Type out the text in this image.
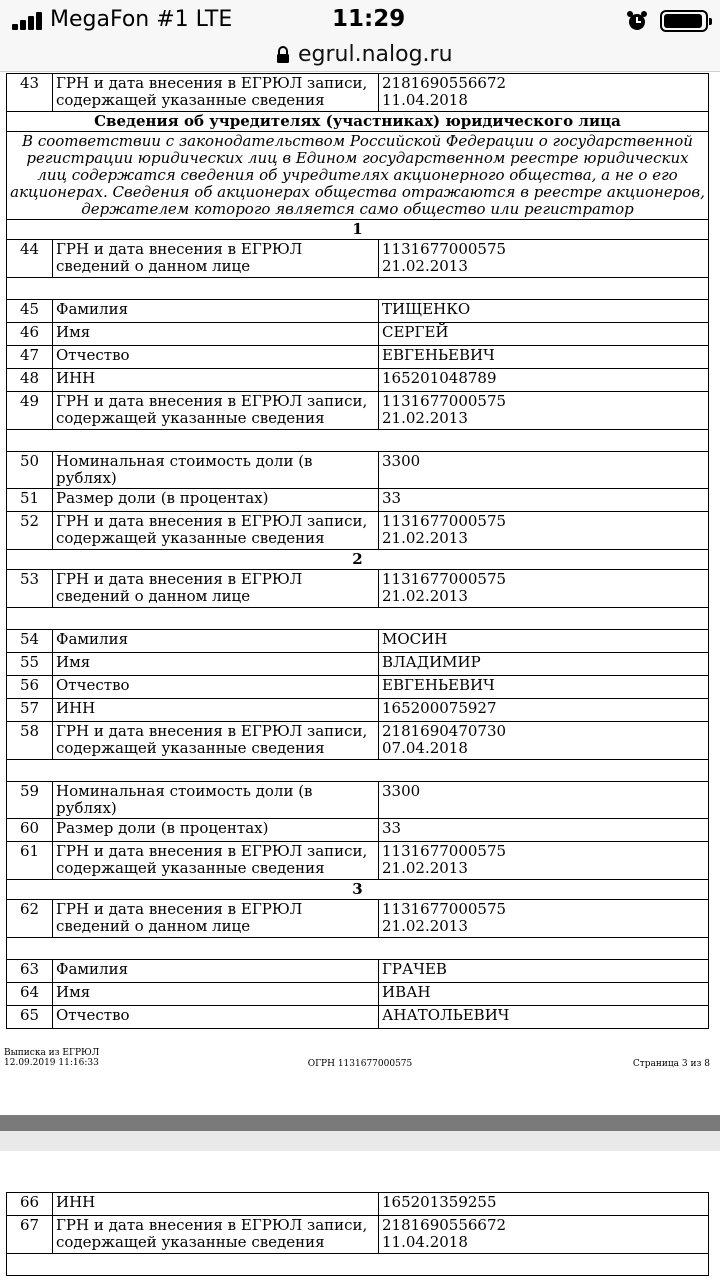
MegaFon #1 LTE	11:29
egrul.nalog.ru
43	ГРН и дата внесения в ЕГРЮЛ записи, содержащей указанные сведения	2181690556672
11.04.2018
Сведения об учредителях (участниках) юридического лица		
В соответствии с законодательством Российской Федерации о государственной регистрации юридических лиц в Едином государственном реестре юридических лиц содержатся сведения об учредителях акционерного общества, а не о его акционерах. Сведения об акционерах общества отражаются в реестре акционеров, держателем которого является само общество или регистратор		
1		
44	ГРН и дата внесения в ЕГРЮЛ сведений о данном лице	1131677000575
21.02.2013

45	Фамилия	ТИЩЕНКО
46	Имя	СЕРГЕЙ
47	Отчество	ЕВГЕНЬЕВИЧ
48	ИНН	165201048789
49	ГРН и дата внесения в ЕГРЮЛ записи, содержащей указанные сведения	1131677000575
21.02.2013

50	Номинальная стоимость доли (в рублях)	3300
51	Размер доли (в процентах)	33
52	ГРН и дата внесения в ЕГРЮЛ записи, содержащей указанные сведения	1131677000575
21.02.2013
2		
53	ГРН и дата внесения в ЕГРЮЛ сведений о данном лице	1131677000575
21.02.2013

54	Фамилия	МОСИН
55	Имя	ВЛАДИМИР
56	Отчество	ЕВГЕНЬЕВИЧ
57	ИНН	165200075927
58	ГРН и дата внесения в ЕГРЮЛ записи, содержащей указанные сведения	2181690470730
07.04.2018

59	Номинальная стоимость доли (в рублях)	3300
60	Размер доли (в процентах)	33
61	ГРН и дата внесения в ЕГРЮЛ записи, содержащей указанные сведения	1131677000575
21.02.2013
3		
62	ГРН и дата внесения в ЕГРЮЛ сведений о данном лице	1131677000575
21.02.2013

63	Фамилия	ГРАЧЕВ
64	Имя	ИВАН
65	Отчество	АНАТОЛЬЕВИЧ
Выписка из ЕГРЮЛ
12.09.2019 11:16:33	ОГРН 1131677000575	Страница 3 из 8
66	ИНН	165201359255
67	ГРН и дата внесения в ЕГРЮЛ записи, содержащей указанные сведения	2181690556672
11.04.2018
